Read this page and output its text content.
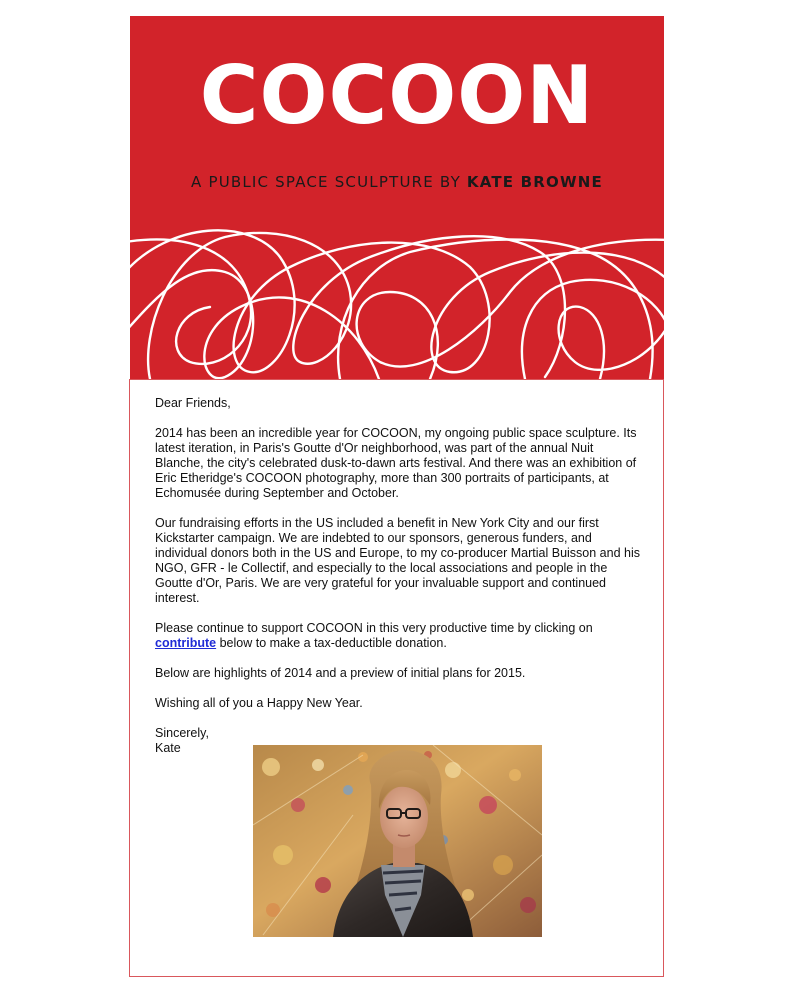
COCOON
A PUBLIC SPACE SCULPTURE BY KATE BROWNE

Dear Friends,

2014 has been an incredible year for COCOON, my ongoing public space sculpture. Its latest iteration, in Paris's Goutte d'Or neighborhood, was part of the annual Nuit Blanche, the city's celebrated dusk-to-dawn arts festival. And there was an exhibition of Eric Etheridge's COCOON photography, more than 300 portraits of participants, at Echomusée during September and October.

Our fundraising efforts in the US included a benefit in New York City and our first Kickstarter campaign. We are indebted to our sponsors, generous funders, and individual donors both in the US and Europe, to my co-producer Martial Buisson and his NGO, GFR - le Collectif, and especially to the local associations and people in the Goutte d'Or, Paris. We are very grateful for your invaluable support and continued interest.

Please continue to support COCOON in this very productive time by clicking on contribute below to make a tax-deductible donation.

Below are highlights of 2014 and a preview of initial plans for 2015.

Wishing all of you a Happy New Year.

Sincerely,
Kate
